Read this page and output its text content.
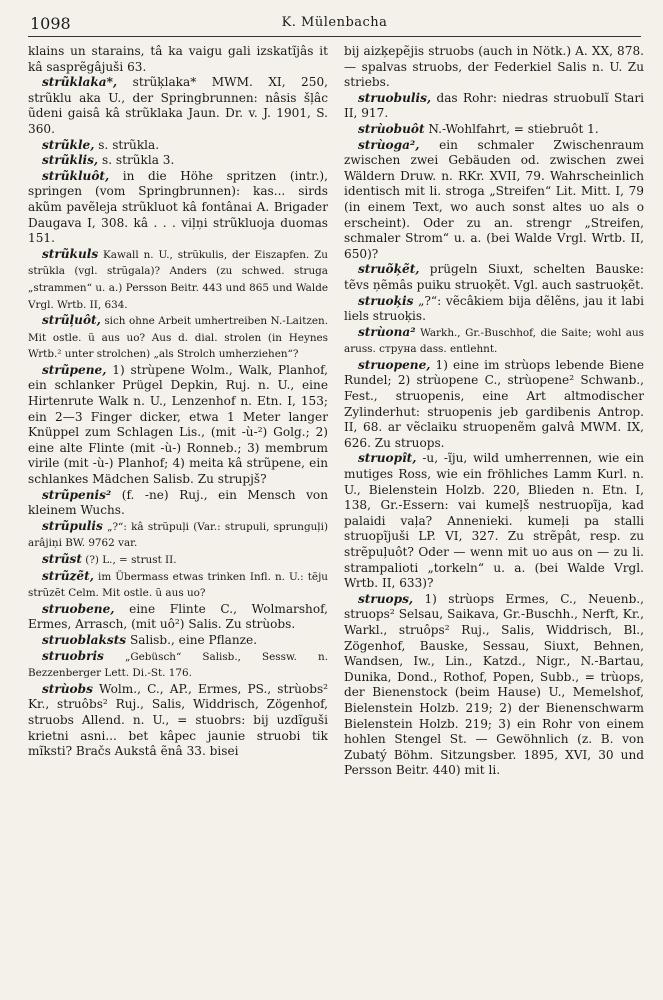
1098	K. Mülenbacha

klains un starains, tâ ka vaigu gali izskatĩjâs it kâ sasprẽgâjuši 63.

strũklaka*, strũķlaka* MWM. XI, 250, strũklu aka U., der Springbrunnen: nâsis šļâc ũdeni gaisâ kâ strũklaka Jaun. Dr. v. J. 1901, S. 360.

strũkle, s. strũkla.

strũklis, s. strũkla 3.

strũkluôt, in die Höhe spritzen (intr.), springen (vom Springbrunnen): kas... sirds akũm pavẽleja strũkluot kâ fontânai A. Brigader Daugava I, 308. kâ . . . viļņi strũkluoja duomas 151.

strũkuls Kawall n. U., strũkulis, der Eiszapfen. Zu strũkla (vgl. strũgala)? Anders (zu schwed. struga „strammen“ u. a.) Persson Beitr. 443 und 865 und Walde Vrgl. Wrtb. II, 634.

strũļuôt, sich ohne Arbeit umhertreiben N.-Laitzen. Mit ostle. ũ aus uo? Aus d. dial. strolen (in Heynes Wrtb.² unter strolchen) „als Strolch umherziehen“?

strũpene, 1) strùpene Wolm., Walk, Planhof, ein schlanker Prügel Depkin, Ruj. n. U., eine Hirtenrute Walk n. U., Lenzenhof n. Etn. I, 153; ein 2—3 Finger dicker, etwa 1 Meter langer Knüppel zum Schlagen Lis., (mit -ù-²) Golg.; 2) eine alte Flinte (mit -ù-) Ronneb.; 3) membrum virile (mit -ù-) Planhof; 4) meita kâ strũpene, ein schlankes Mädchen Salisb. Zu strupjš?

strũpenis² (f. -ne) Ruj., ein Mensch von kleinem Wuchs.

strũpulis „?“: kâ strũpuļi (Var.: strupuli, sprunguļi) arâjiņi BW. 9762 var.

strũst (?) L., = strust II.

strũzẽt, im Übermass etwas trinken Infl. n. U.: tẽju strũzẽt Celm. Mit ostle. ũ aus uo?

struobene, eine Flinte C., Wolmarshof, Ermes, Arrasch, (mit uô²) Salis. Zu strùobs.

struoblaksts Salisb., eine Pflanze.

struobris „Gebüsch“ Salisb., Sessw. n. Bezzenberger Lett. Di.-St. 176.

strùobs Wolm., C., AP., Ermes, PS., strùobs² Kr., struôbs² Ruj., Salis, Widdrisch, Zögenhof, struobs Allend. n. U., = stuobrs: bij uzdĩguši krietni asni... bet kâpec jaunie struobi tik mĩksti? Bračs Aukstâ ẽnâ 33. bisei

bij aizķepẽjis struobs (auch in Nötk.) A. XX, 878. — spalvas struobs, der Federkiel Salis n. U. Zu striebs.

struobulis, das Rohr: niedras struobulĩ Stari II, 917.

strùobuôt N.-Wohlfahrt, = stiebruôt 1.

strùoga², ein schmaler Zwischenraum zwischen zwei Gebäuden od. zwischen zwei Wäldern Druw. n. RKr. XVII, 79. Wahrscheinlich identisch mit li. stroga „Streifen“ Lit. Mitt. I, 79 (in einem Text, wo auch sonst altes uo als o erscheint). Oder zu an. strengr „Streifen, schmaler Strom“ u. a. (bei Walde Vrgl. Wrtb. II, 650)?

struõķẽt, prügeln Siuxt, schelten Bauske: tẽvs ņẽmâs puiku struoķẽt. Vgl. auch sastruoķẽt.

struoķis „?“: vẽcâkiem bija dẽlẽns, jau it labi liels struoķis.

strùona² Warkh., Gr.-Buschhof, die Saite; wohl aus aruss. струна dass. entlehnt.

struopene, 1) eine im strùops lebende Biene Rundel; 2) strùopene C., strùopene² Schwanb., Fest., struopenis, eine Art altmodischer Zylinderhut: struopenis jeb gardibenis Antrop. II, 68. ar vẽclaiku struopenẽm galvâ MWM. IX, 626. Zu struops.

struopît, -u, -ĩju, wild umherrennen, wie ein mutiges Ross, wie ein fröhliches Lamm Kurl. n. U., Bielenstein Holzb. 220, Blieden n. Etn. I, 138, Gr.-Essern: vai kumeļš nestruopĩja, kad palaidi vaļa? Annenieki. kumeļi pa stalli struopĩjuši LP. VI, 327. Zu strẽpât, resp. zu strẽpuļuôt? Oder — wenn mit uo aus on — zu li. strampalioti „torkeln“ u. a. (bei Walde Vrgl. Wrtb. II, 633)?

struops, 1) strùops Ermes, C., Neuenb., struops² Selsau, Saikava, Gr.-Buschh., Nerft, Kr., Warkl., struôps² Ruj., Salis, Widdrisch, Bl., Zögenhof, Bauske, Sessau, Siuxt, Behnen, Wandsen, Iw., Lin., Katzd., Nigr., N.-Bartau, Dunika, Dond., Rothof, Popen, Subb., = trùops, der Bienenstock (beim Hause) U., Memelshof, Bielenstein Holzb. 219; 2) der Bienenschwarm Bielenstein Holzb. 219; 3) ein Rohr von einem hohlen Stengel St. — Gewöhnlich (z. B. von Zubatý Böhm. Sitzungsber. 1895, XVI, 30 und Persson Beitr. 440) mit li.
